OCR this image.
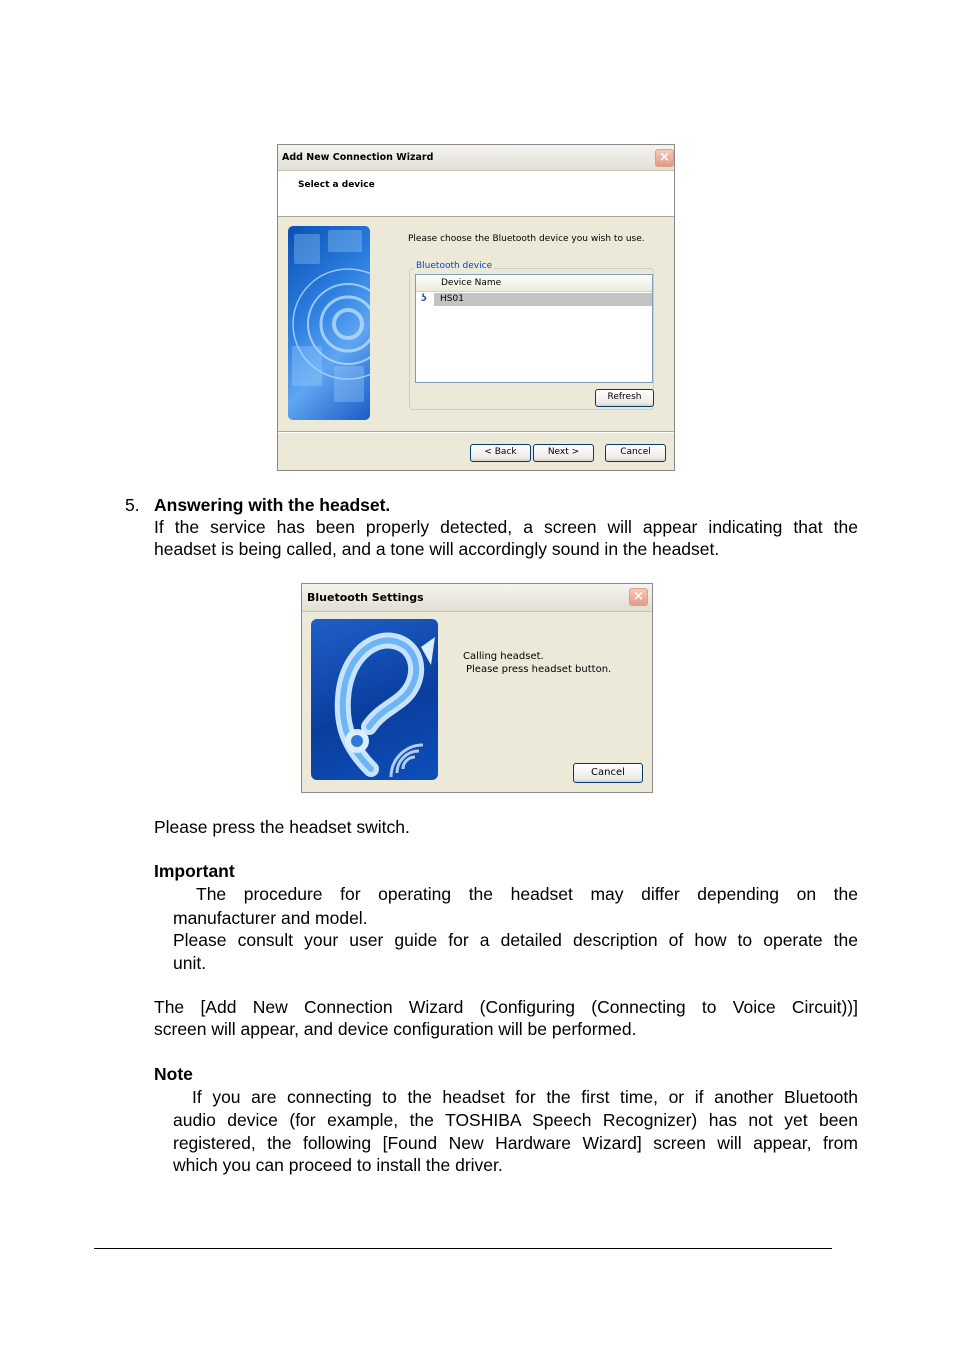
Add New Connection Wizard	×
Select a device
Please choose the Bluetooth device you wish to use.
Bluetooth device
Device Name
ʖ HS01
Refresh
< Back	Next >	Cancel
5. Answering with the headset.
If the service has been properly detected, a screen will appear indicating that the
headset is being called, and a tone will accordingly sound in the headset.
Bluetooth Settings	×
Calling headset.
Please press headset button.
Cancel
Please press the headset switch.
Important
The procedure for operating the headset may differ depending on the
manufacturer and model.
Please consult your user guide for a detailed description of how to operate the
unit.
The [Add New Connection Wizard (Configuring (Connecting to Voice Circuit))]
screen will appear, and device configuration will be performed.
Note
If you are connecting to the headset for the first time, or if another Bluetooth
audio device (for example, the TOSHIBA Speech Recognizer) has not yet been
registered, the following [Found New Hardware Wizard] screen will appear, from
which you can proceed to install the driver.
